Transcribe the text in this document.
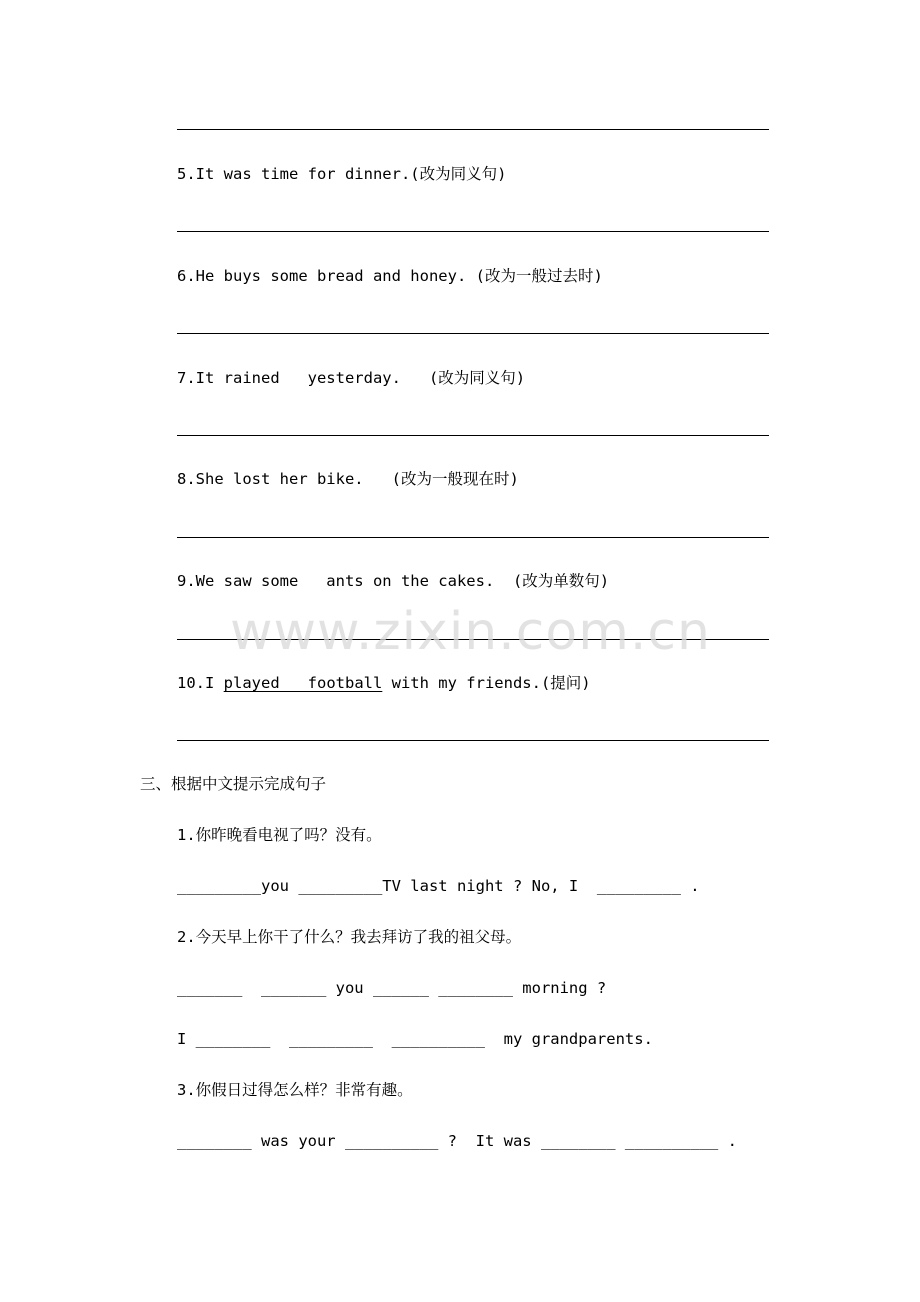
5.It was time for dinner.(改为同义句)
6.He buys some bread and honey. (改为一般过去时)
7.It rained   yesterday.   (改为同义句)
8.She lost her bike.   (改为一般现在时)
9.We saw some   ants on the cakes.  (改为单数句)
10.I played   football with my friends.(提问)
三、根据中文提示完成句子
1.你昨晚看电视了吗？没有。
_________you _________TV last night ? No, I  _________ .
2.今天早上你干了什么？我去拜访了我的祖父母。
_______  _______ you ______ ________ morning ?
I ________  _________  __________  my grandparents.
3.你假日过得怎么样？非常有趣。
________ was your __________ ?  It was ________ __________ .
www.zixin.com.cn
